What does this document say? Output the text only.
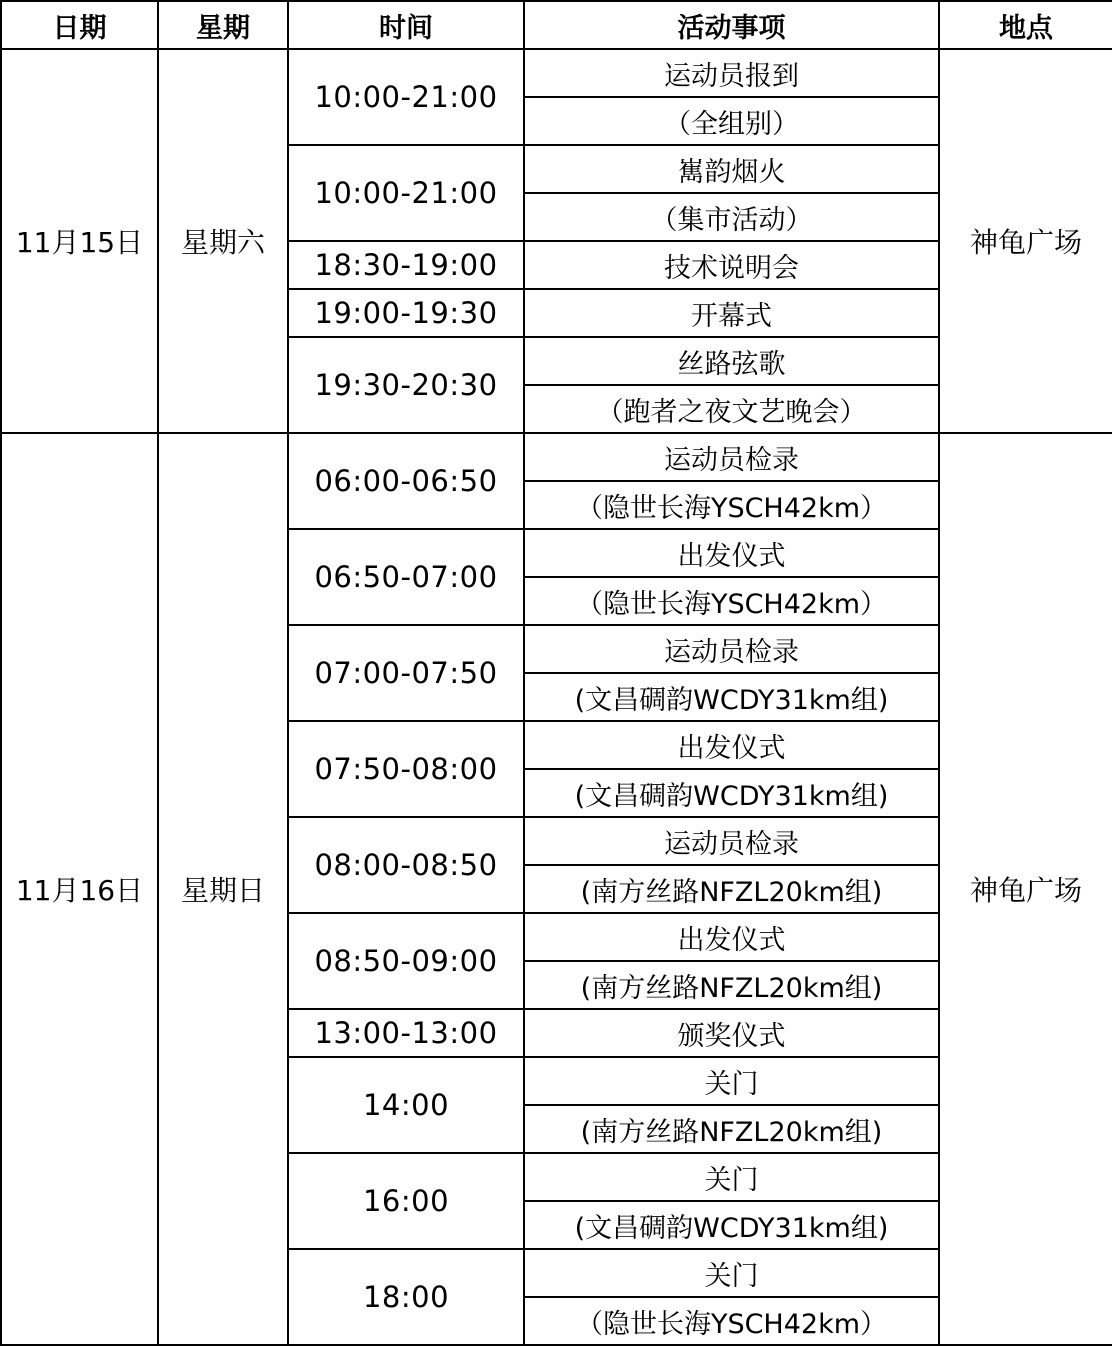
日期	星期	时间	活动事项	地点
11月15日	星期六	10:00-21:00	运动员报到	神龟广场
			（全组别）	
		10:00-21:00	嶲韵烟火	
			（集市活动）	
		18:30-19:00	技术说明会	
		19:00-19:30	开幕式	
		19:30-20:30	丝路弦歌	
			（跑者之夜文艺晚会）	
11月16日	星期日	06:00-06:50	运动员检录	神龟广场
			（隐世长海YSCH42km）	
		06:50-07:00	出发仪式	
			（隐世长海YSCH42km）	
		07:00-07:50	运动员检录	
			(文昌碉韵WCDY31km组)	
		07:50-08:00	出发仪式	
			(文昌碉韵WCDY31km组)	
		08:00-08:50	运动员检录	
			(南方丝路NFZL20km组)	
		08:50-09:00	出发仪式	
			(南方丝路NFZL20km组)	
		13:00-13:00	颁奖仪式	
		14:00	关门	
			(南方丝路NFZL20km组)	
		16:00	关门	
			(文昌碉韵WCDY31km组)	
		18:00	关门	
			（隐世长海YSCH42km）	
